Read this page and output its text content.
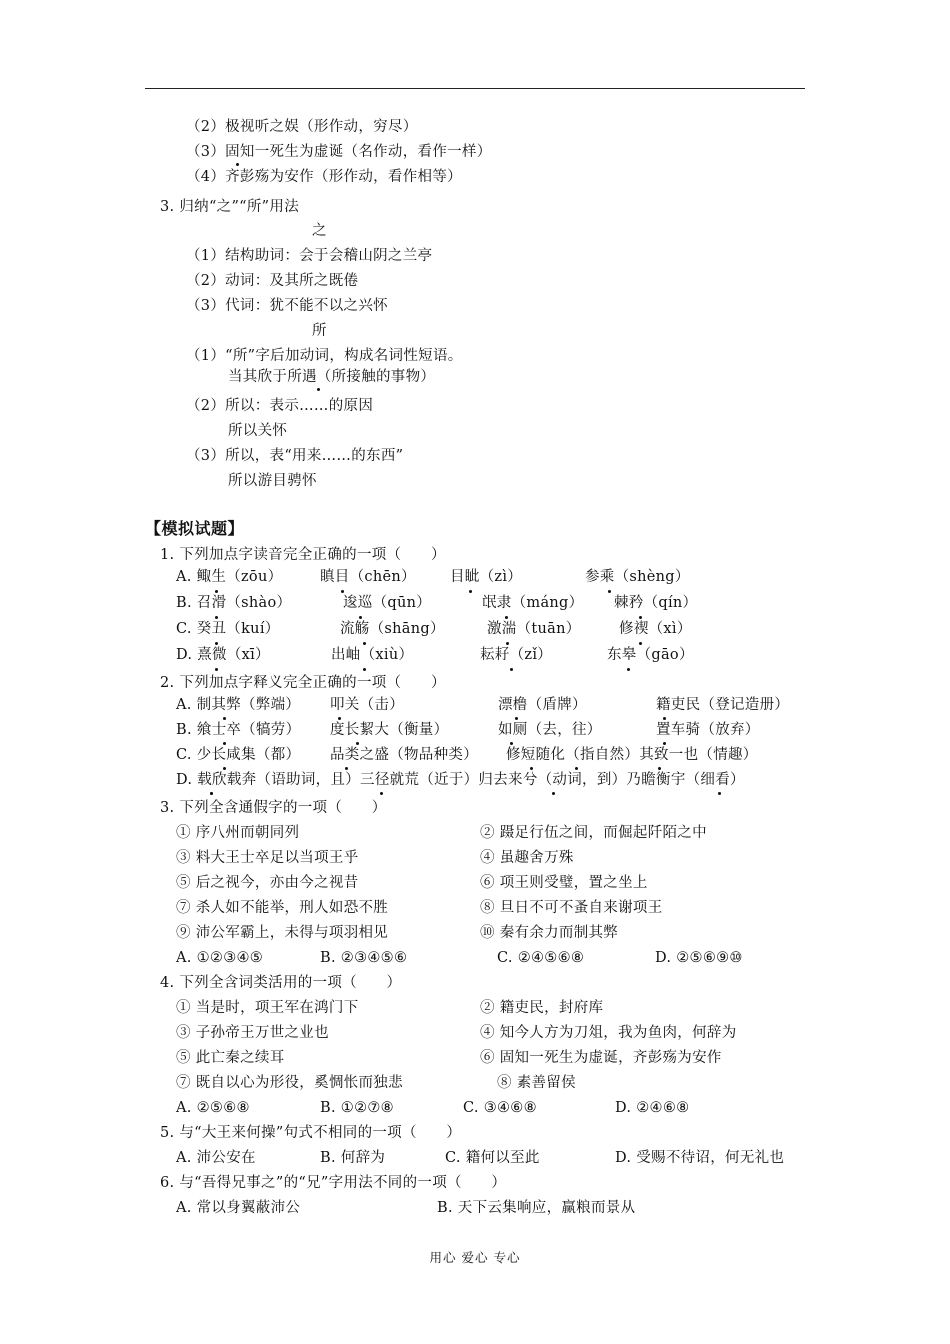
（2）极视听之娱（形作动，穷尽）
（3）固知一死生为虚诞（名作动，看作一样）
（4）齐彭殇为安作（形作动，看作相等）
3. 归纳“之”“所”用法
之
（1）结构助词：会于会稽山阴之兰亭
（2）动词：及其所之既倦
（3）代词：犹不能不以之兴怀
所
（1）“所”字后加动词，构成名词性短语。
当其欣于所遇（所接触的事物）
（2）所以：表示……的原因
所以关怀
（3）所以，表“用来……的东西”
所以游目骋怀
【模拟试题】
1. 下列加点字读音完全正确的一项（　　）
A. 鲰生（zōu）	瞋目（chēn） 目眦（zì）	参乘（shèng）
B. 召滑（shào）	逡巡（qūn）	氓隶（máng） 棘矜（qín）
C. 癸丑（kuí）	流觞（shāng）	激湍（tuān）	修禊（xì）
D. 熹微（xī）	出岫（xiù）	耘耔（zǐ）	东皋（gāo）
2. 下列加点字释义完全正确的一项（　　）
A. 制其弊（弊端） 叩关（击）	漂橹（盾牌）	籍吏民（登记造册）
B. 飨士卒（犒劳） 度长絜大（衡量）	如厕（去，往）	置车骑（放弃）
C. 少长咸集（都） 品类之盛（物品种类） 修短随化（指自然）其致一也（情趣）
D. 载欣载奔（语助词，且）三径就荒（近于）归去来兮（动词，到）乃瞻衡宇（细看）
3. 下列全含通假字的一项（　　）
① 序八州而朝同列	② 蹑足行伍之间，而倔起阡陌之中
③ 料大王士卒足以当项王乎	④ 虽趣舍万殊
⑤ 后之视今，亦由今之视昔	⑥ 项王则受璧，置之坐上
⑦ 杀人如不能举，刑人如恐不胜	⑧ 旦日不可不蚤自来谢项王
⑨ 沛公军霸上，未得与项羽相见	⑩ 秦有余力而制其弊
A. ①②③④⑤	B. ②③④⑤⑥	C. ②④⑤⑥⑧	D. ②⑤⑥⑨⑩
4. 下列全含词类活用的一项（　　）
① 当是时，项王军在鸿门下	② 籍吏民，封府库
③ 子孙帝王万世之业也	④ 知今人方为刀俎，我为鱼肉，何辞为
⑤ 此亡秦之续耳	⑥ 固知一死生为虚诞，齐彭殇为安作
⑦ 既自以心为形役，奚惆怅而独悲	⑧ 素善留侯
A. ②⑤⑥⑧	B. ①②⑦⑧	C. ③④⑥⑧	D. ②④⑥⑧
5. 与“大王来何操”句式不相同的一项（　　）
A. 沛公安在	B. 何辞为	C. 籍何以至此	D. 受赐不待诏，何无礼也
6. 与“吾得兄事之”的“兄”字用法不同的一项（　　）
A. 常以身翼蔽沛公	B. 天下云集响应，赢粮而景从
用心 爱心 专心
